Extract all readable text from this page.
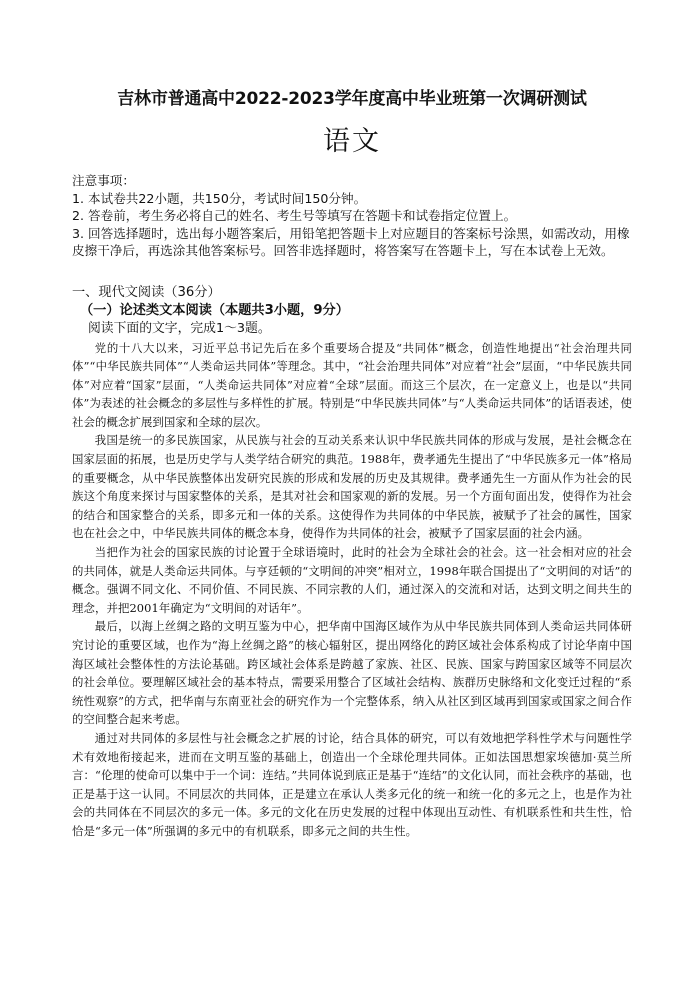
吉林市普通高中2022-2023学年度高中毕业班第一次调研测试
语文

注意事项：

1. 本试卷共22小题，共150分，考试时间150分钟。

2. 答卷前，考生务必将自己的姓名、考生号等填写在答题卡和试卷指定位置上。

3. 回答选择题时，选出每小题答案后，用铅笔把答题卡上对应题目的答案标号涂黑，如需改动，用橡皮擦干净后，再选涂其他答案标号。回答非选择题时，将答案写在答题卡上，写在本试卷上无效。

一、现代文阅读（36分）
（一）论述类文本阅读（本题共3小题，9分）
阅读下面的文字，完成1～3题。

党的十八大以来，习近平总书记先后在多个重要场合提及“共同体”概念，创造性地提出“社会治理共同体”“中华民族共同体”“人类命运共同体”等理念。其中，“社会治理共同体”对应着“社会”层面，“中华民族共同体”对应着“国家”层面，“人类命运共同体”对应着“全球”层面。而这三个层次，在一定意义上，也是以“共同体”为表述的社会概念的多层性与多样性的扩展。特别是“中华民族共同体”与“人类命运共同体”的话语表述，使社会的概念扩展到国家和全球的层次。

我国是统一的多民族国家，从民族与社会的互动关系来认识中华民族共同体的形成与发展，是社会概念在国家层面的拓展，也是历史学与人类学结合研究的典范。1988年，费孝通先生提出了“中华民族多元一体”格局的重要概念，从中华民族整体出发研究民族的形成和发展的历史及其规律。费孝通先生一方面从作为社会的民族这个角度来探讨与国家整体的关系，是其对社会和国家观的新的发展。另一个方面旬面出发，使得作为社会的结合和国家整合的关系，即多元和一体的关系。这使得作为共同体的中华民族，被赋予了社会的属性，国家也在社会之中，中华民族共同体的概念本身，使得作为共同体的社会，被赋予了国家层面的社会内涵。

当把作为社会的国家民族的讨论置于全球语境时，此时的社会为全球社会的社会。这一社会相对应的社会的共同体，就是人类命运共同体。与亨廷顿的“文明间的冲突”相对立，1998年联合国提出了“文明间的对话”的概念。强调不同文化、不同价值、不同民族、不同宗教的人们，通过深入的交流和对话，达到文明之间共生的理念，并把2001年确定为“文明间的对话年”。

最后，以海上丝绸之路的文明互鉴为中心，把华南中国海区域作为从中华民族共同体到人类命运共同体研究讨论的重要区域，也作为“海上丝绸之路”的核心辐射区，提出网络化的跨区域社会体系构成了讨论华南中国海区域社会整体性的方法论基础。跨区域社会体系是跨越了家族、社区、民族、国家与跨国家区域等不同层次的社会单位。要理解区域社会的基本特点，需要采用整合了区域社会结构、族群历史脉络和文化变迁过程的“系统性观察”的方式，把华南与东南亚社会的研究作为一个完整体系，纳入从社区到区域再到国家或国家之间合作的空间整合起来考虑。

通过对共同体的多层性与社会概念之扩展的讨论，结合具体的研究，可以有效地把学科性学术与问题性学术有效地衔接起来，进而在文明互鉴的基础上，创造出一个全球伦理共同体。正如法国思想家埃德加·莫兰所言：“伦理的使命可以集中于一个词：连结。”共同体说到底正是基于“连结”的文化认同，而社会秩序的基础，也正是基于这一认同。不同层次的共同体，正是建立在承认人类多元化的统一和统一化的多元之上，也是作为社会的共同体在不同层次的多元一体。多元的文化在历史发展的过程中体现出互动性、有机联系性和共生性，恰恰是“多元一体”所强调的多元中的有机联系，即多元之间的共生性。
